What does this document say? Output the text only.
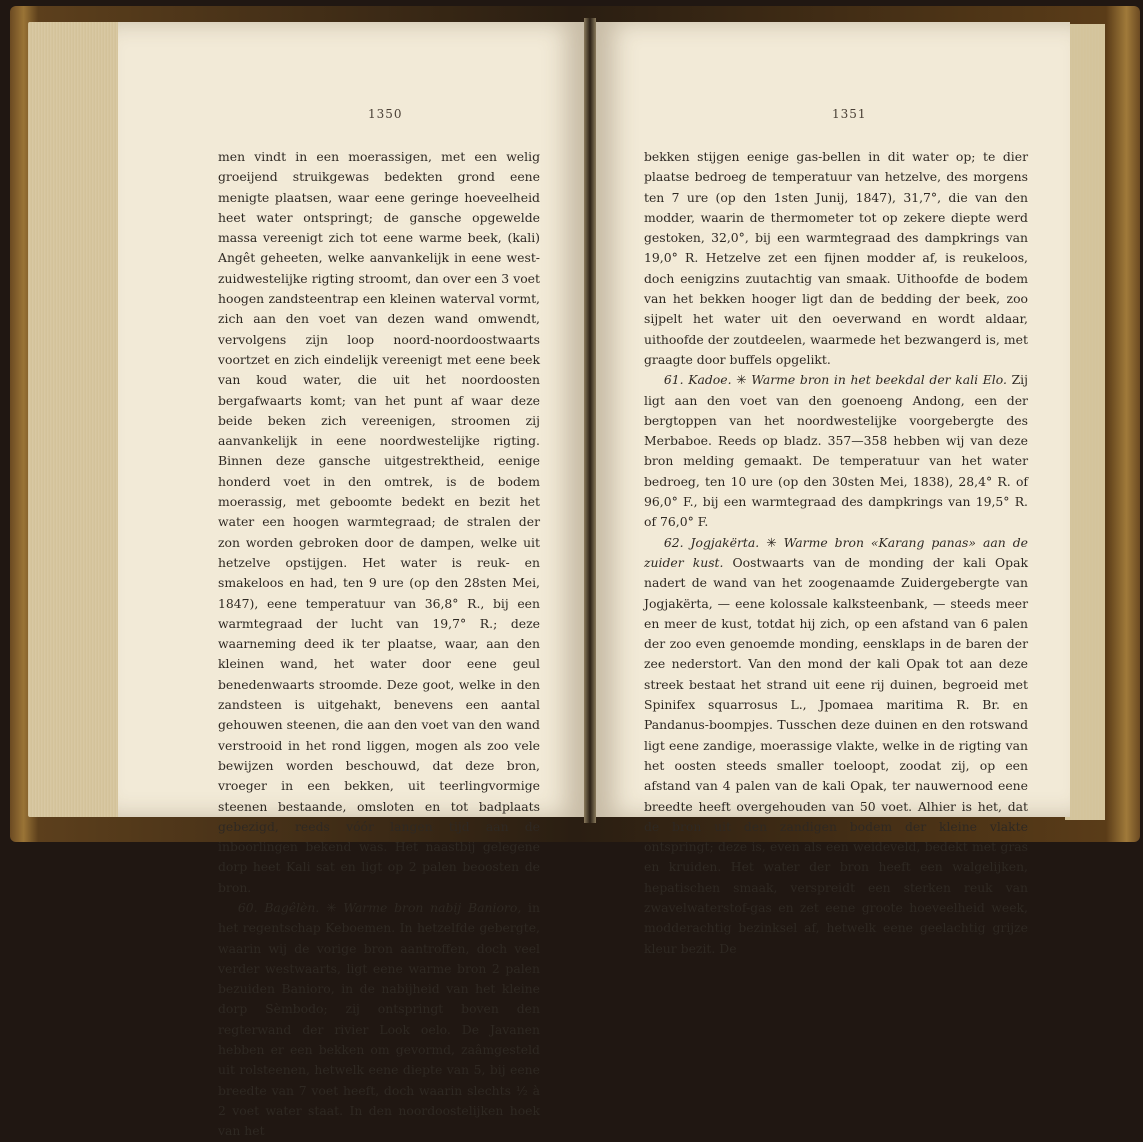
1350

men vindt in een moerassigen, met een welig groeijend struikgewas bedekten grond eene menigte plaatsen, waar eene geringe hoeveelheid heet water ontspringt; de gansche opgewelde massa vereenigt zich tot eene warme beek, (kali) Angêt geheeten, welke aanvankelijk in eene west-zuidwestelijke rigting stroomt, dan over een 3 voet hoogen zandsteentrap een kleinen waterval vormt, zich aan den voet van dezen wand omwendt, vervolgens zijn loop noord-noordoostwaarts voortzet en zich eindelijk vereenigt met eene beek van koud water, die uit het noordoosten bergafwaarts komt; van het punt af waar deze beide beken zich vereenigen, stroomen zij aanvankelijk in eene noordwestelijke rigting. Binnen deze gansche uitgestrektheid, eenige honderd voet in den omtrek, is de bodem moerassig, met geboomte bedekt en bezit het water een hoogen warmtegraad; de stralen der zon worden gebroken door de dampen, welke uit hetzelve opstijgen. Het water is reuk- en smakeloos en had, ten 9 ure (op den 28sten Mei, 1847), eene temperatuur van 36,8° R., bij een warmtegraad der lucht van 19,7° R.; deze waarneming deed ik ter plaatse, waar, aan den kleinen wand, het water door eene geul benedenwaarts stroomde. Deze goot, welke in den zandsteen is uitgehakt, benevens een aantal gehouwen steenen, die aan den voet van den wand verstrooid in het rond liggen, mogen als zoo vele bewijzen worden beschouwd, dat deze bron, vroeger in een bekken, uit teerlingvormige steenen bestaande, omsloten en tot badplaats gebezigd, reeds vóór langen tijd aan de inboorlingen bekend was. Het naastbij gelegene dorp heet Kali sat en ligt op 2 palen beoosten de bron.

60. Bagêlèn. ✳ Warme bron nabij Banioro, in het regentschap Keboemen. In hetzelfde gebergte, waarin wij de vorige bron aantroffen, doch veel verder westwaarts, ligt eene warme bron 2 palen bezuiden Banioro, in de nabijheid van het kleine dorp Sèmbodo; zij ontspringt boven den regterwand der rivier Look oelo. De Javanen hebben er een bekken om gevormd, zaâmgesteld uit rolsteenen, hetwelk eene diepte van 5, bij eene breedte van 7 voet heeft, doch waarin slechts ½ à 2 voet water staat. In den noordoostelijken hoek van het

1351

bekken stijgen eenige gas-bellen in dit water op; te dier plaatse bedroeg de temperatuur van hetzelve, des morgens ten 7 ure (op den 1sten Junij, 1847), 31,7°, die van den modder, waarin de thermometer tot op zekere diepte werd gestoken, 32,0°, bij een warmtegraad des dampkrings van 19,0° R. Hetzelve zet een fijnen modder af, is reukeloos, doch eenigzins zuutachtig van smaak. Uithoofde de bodem van het bekken hooger ligt dan de bedding der beek, zoo sijpelt het water uit den oeverwand en wordt aldaar, uithoofde der zoutdeelen, waarmede het bezwangerd is, met graagte door buffels opgelikt.

61. Kadoe. ✳ Warme bron in het beekdal der kali Elo. Zij ligt aan den voet van den goenoeng Andong, een der bergtoppen van het noordwestelijke voorgebergte des Merbaboe. Reeds op bladz. 357—358 hebben wij van deze bron melding gemaakt. De temperatuur van het water bedroeg, ten 10 ure (op den 30sten Mei, 1838), 28,4° R. of 96,0° F., bij een warmtegraad des dampkrings van 19,5° R. of 76,0° F.

62. Jogjakërta. ✳ Warme bron «Karang panas» aan de zuider kust. Oostwaarts van de monding der kali Opak nadert de wand van het zoogenaamde Zuidergebergte van Jogjakërta, — eene kolossale kalksteenbank, — steeds meer en meer de kust, totdat hij zich, op een afstand van 6 palen der zoo even genoemde monding, eensklaps in de baren der zee nederstort. Van den mond der kali Opak tot aan deze streek bestaat het strand uit eene rij duinen, begroeid met Spinifex squarrosus L., Jpomaea maritima R. Br. en Pandanus-boompjes. Tusschen deze duinen en den rotswand ligt eene zandige, moerassige vlakte, welke in de rigting van het oosten steeds smaller toeloopt, zoodat zij, op een afstand van 4 palen van de kali Opak, ter nauwernood eene breedte heeft overgehouden van 50 voet. Alhier is het, dat de bron uit den zandigen bodem der kleine vlakte ontspringt; deze is, even als een weideveld, bedekt met gras en kruiden. Het water der bron heeft een walgelijken, hepatischen smaak, verspreidt een sterken reuk van zwavelwaterstof-gas en zet eene groote hoeveelheid week, modderachtig bezinksel af, hetwelk eene geelachtig grijze kleur bezit. De
